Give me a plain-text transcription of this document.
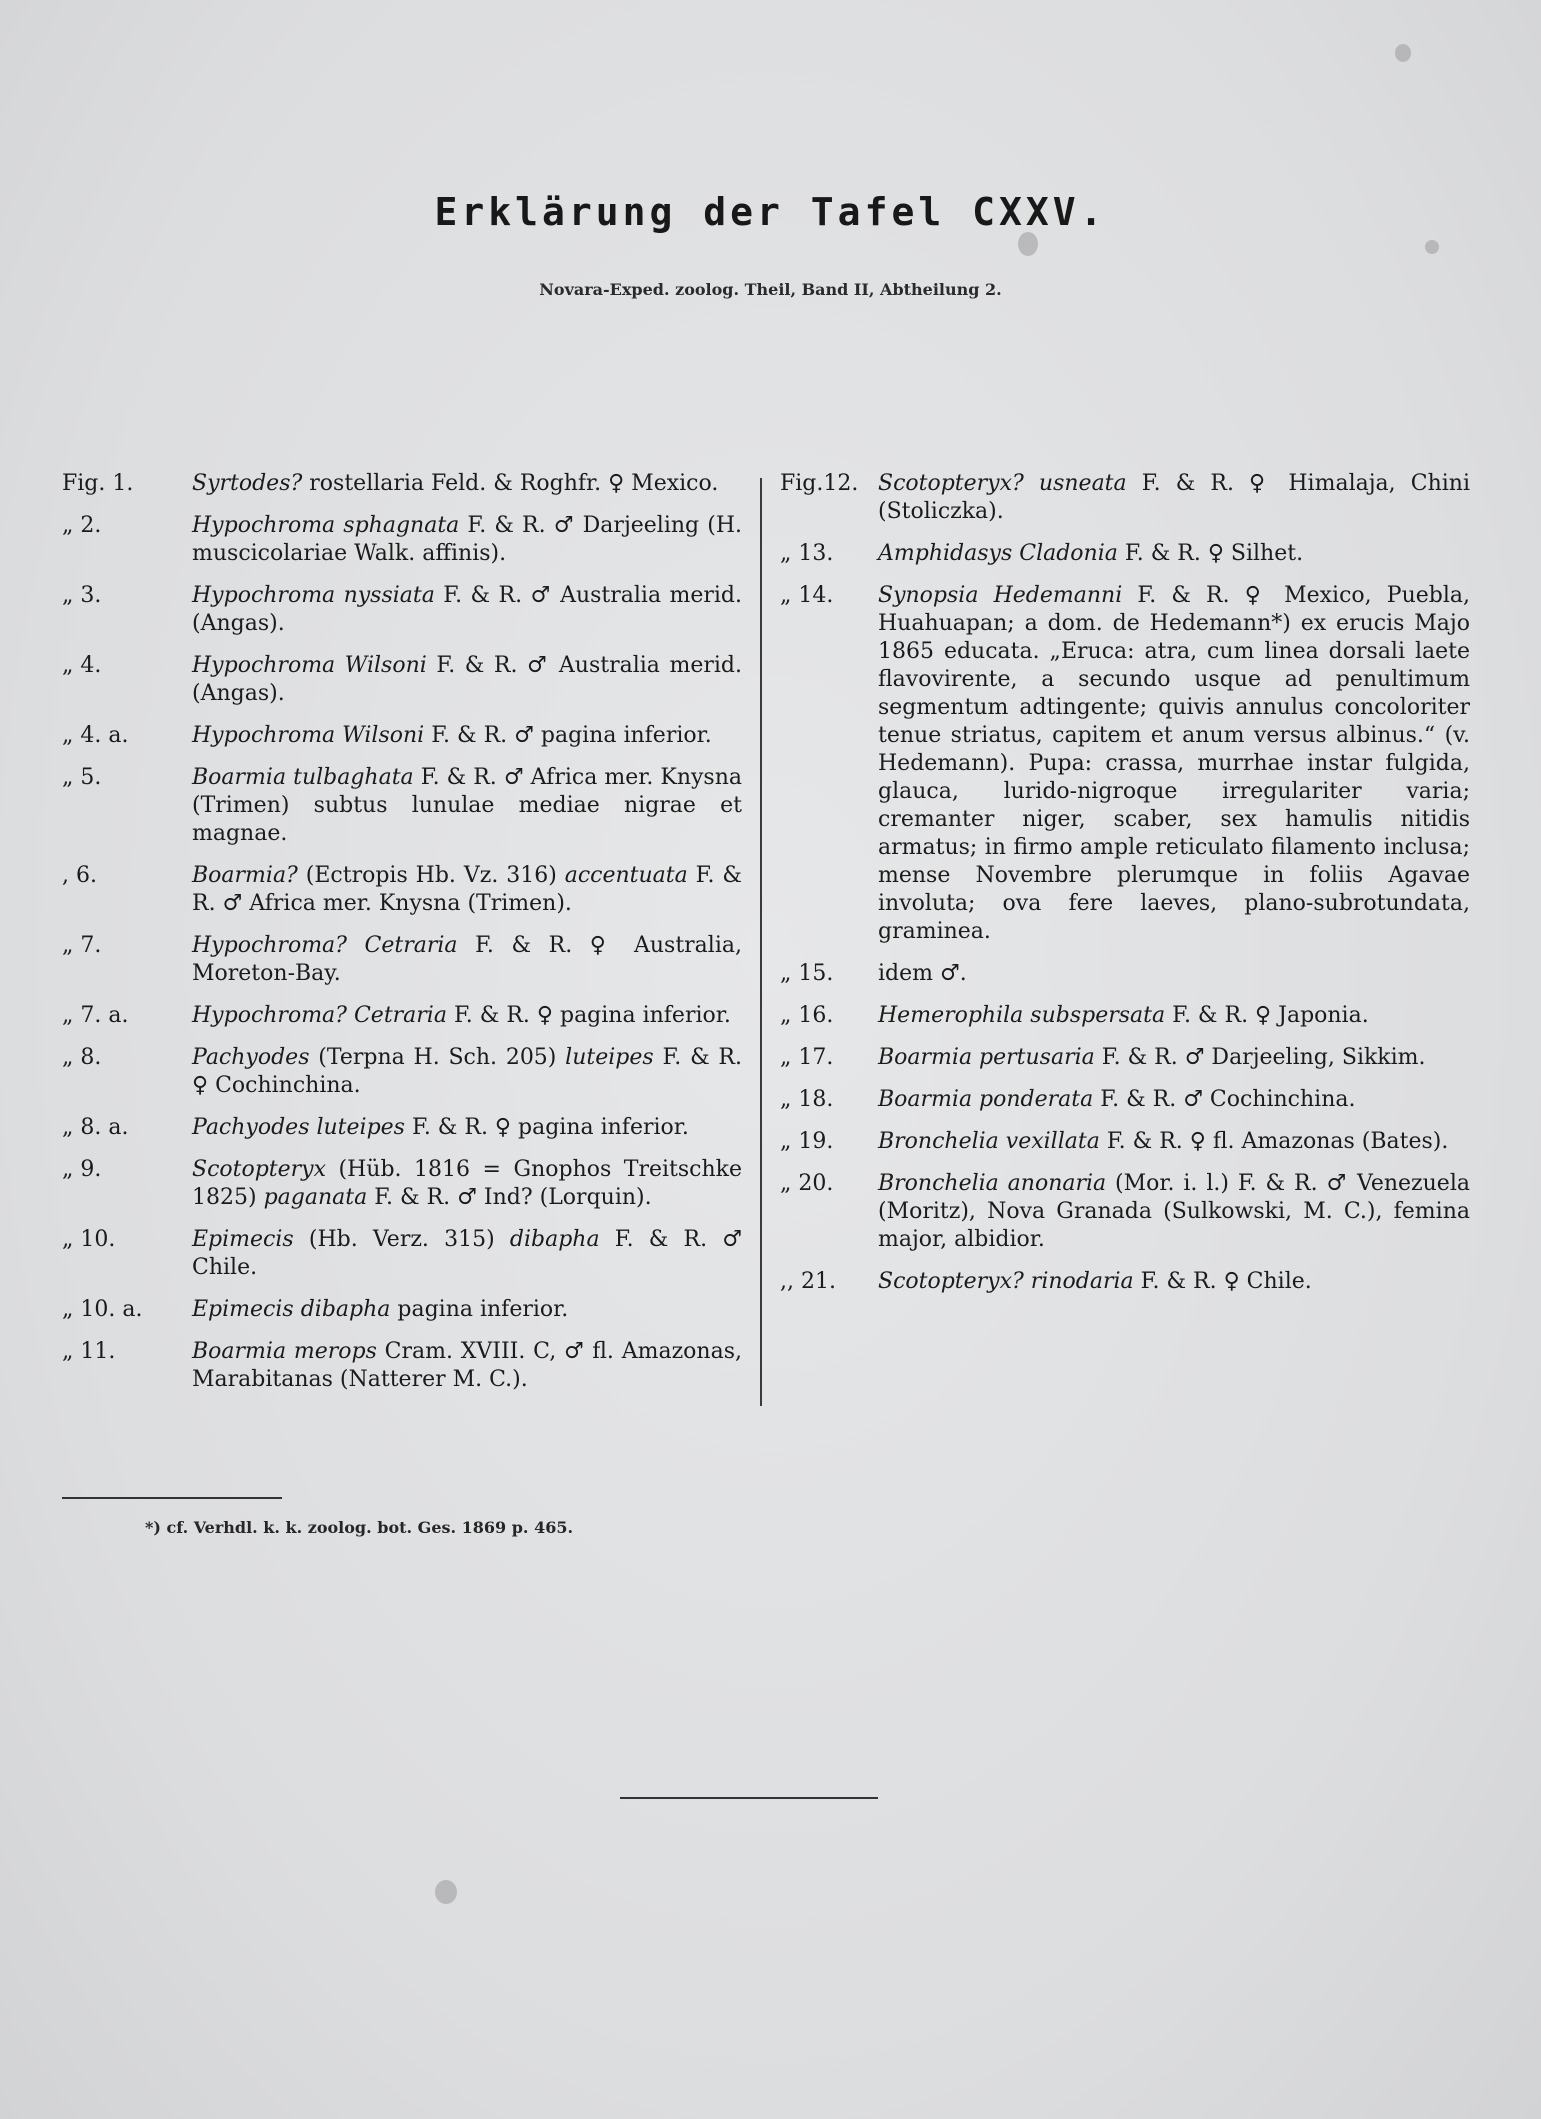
Erklärung der Tafel CXXV.
Novara-Exped. zoolog. Theil, Band II, Abtheilung 2.
Fig. 1.	Syrtodes? rostellaria Feld. & Roghfr. ♀ Mexico.
„ 2.	Hypochroma sphagnata F. & R. ♂ Darjeeling (H. muscicolariae Walk. affinis).
„ 3.	Hypochroma nyssiata F. & R. ♂ Australia merid. (Angas).
„ 4.	Hypochroma Wilsoni F. & R. ♂ Australia merid. (Angas).
„ 4. a.	Hypochroma Wilsoni F. & R. ♂ pagina inferior.
„ 5.	Boarmia tulbaghata F. & R. ♂ Africa mer. Knysna (Trimen) subtus lunulae mediae nigrae et magnae.
, 6.	Boarmia? (Ectropis Hb. Vz. 316) accentuata F. & R. ♂ Africa mer. Knysna (Trimen).
„ 7.	Hypochroma? Cetraria F. & R. ♀ Australia, Moreton-Bay.
„ 7. a.	Hypochroma? Cetraria F. & R. ♀ pagina inferior.
„ 8.	Pachyodes (Terpna H. Sch. 205) luteipes F. & R. ♀ Cochinchina.
„ 8. a.	Pachyodes luteipes F. & R. ♀ pagina inferior.
„ 9.	Scotopteryx (Hüb. 1816 = Gnophos Treitschke 1825) paganata F. & R. ♂ Ind? (Lorquin).
„ 10.	Epimecis (Hb. Verz. 315) dibapha F. & R. ♂ Chile.
„ 10. a.	Epimecis dibapha pagina inferior.
„ 11.	Boarmia merops Cram. XVIII. C, ♂ fl. Amazonas, Marabitanas (Natterer M. C.).
Fig.12. Scotopteryx? usneata F. & R. ♀ Himalaja, Chini (Stoliczka).
„ 13.	Amphidasys Cladonia F. & R. ♀ Silhet.
„ 14.	Synopsia Hedemanni F. & R. ♀ Mexico, Puebla, Huahuapan; a dom. de Hedemann*) ex erucis Majo 1865 educata. „Eruca: atra, cum linea dorsali laete flavovirente, a secundo usque ad penultimum segmentum adtingente; quivis annulus concoloriter tenue striatus, capitem et anum versus albinus.“ (v. Hedemann). Pupa: crassa, murrhae instar fulgida, glauca, lurido-nigroque irregulariter varia; cremanter niger, scaber, sex hamulis nitidis armatus; in firmo ample reticulato filamento inclusa; mense Novembre plerumque in foliis Agavae involuta; ova fere laeves, plano-subrotundata, graminea.
„ 15.	idem ♂.
„ 16.	Hemerophila subspersata F. & R. ♀ Japonia.
„ 17.	Boarmia pertusaria F. & R. ♂ Darjeeling, Sikkim.
„ 18.	Boarmia ponderata F. & R. ♂ Cochinchina.
„ 19.	Bronchelia vexillata F. & R. ♀ fl. Amazonas (Bates).
„ 20.	Bronchelia anonaria (Mor. i. l.) F. & R. ♂ Venezuela (Moritz), Nova Granada (Sulkowski, M. C.), femina major, albidior.
,, 21.	Scotopteryx? rinodaria F. & R. ♀ Chile.
*) cf. Verhdl. k. k. zoolog. bot. Ges. 1869 p. 465.
